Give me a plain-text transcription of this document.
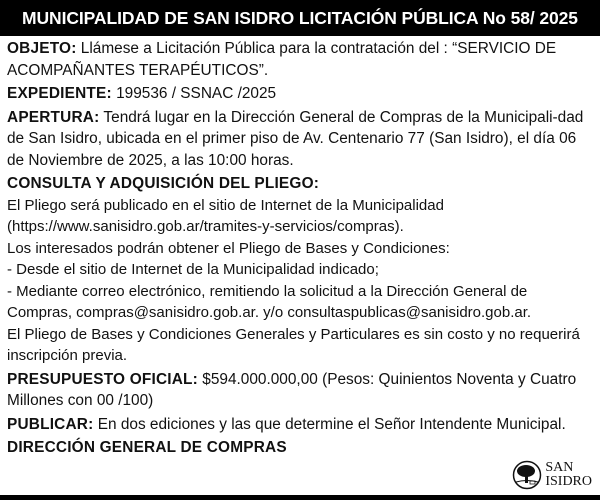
MUNICIPALIDAD DE SAN ISIDRO LICITACIÓN PÚBLICA No 58/ 2025

OBJETO: Llámese a Licitación Pública para la contratación del : “SERVICIO DE ACOMPAÑANTES TERAPÉUTICOS”.

EXPEDIENTE: 199536 / SSNAC /2025

APERTURA: Tendrá lugar en la Dirección General de Compras de la Municipali-dad de San Isidro, ubicada en el primer piso de Av. Centenario 77 (San Isidro), el día 06 de Noviembre de 2025, a las 10:00 horas.

CONSULTA Y ADQUISICIÓN DEL PLIEGO:

El Pliego será publicado en el sitio de Internet de la Municipalidad (https://www.sanisidro.gob.ar/tramites-y-servicios/compras).

Los interesados podrán obtener el Pliego de Bases y Condiciones:

- Desde el sitio de Internet de la Municipalidad indicado;

- Mediante correo electrónico, remitiendo la solicitud a la Dirección General de Compras, compras@sanisidro.gob.ar. y/o consultaspublicas@sanisidro.gob.ar.

El Pliego de Bases y Condiciones Generales y Particulares es sin costo y no requerirá inscripción previa.

PRESUPUESTO OFICIAL: $594.000.000,00 (Pesos: Quinientos Noventa y Cuatro Millones con 00 /100)

PUBLICAR: En dos ediciones y las que determine el Señor Intendente Municipal.

DIRECCIÓN GENERAL DE COMPRAS

SAN
ISIDRO
